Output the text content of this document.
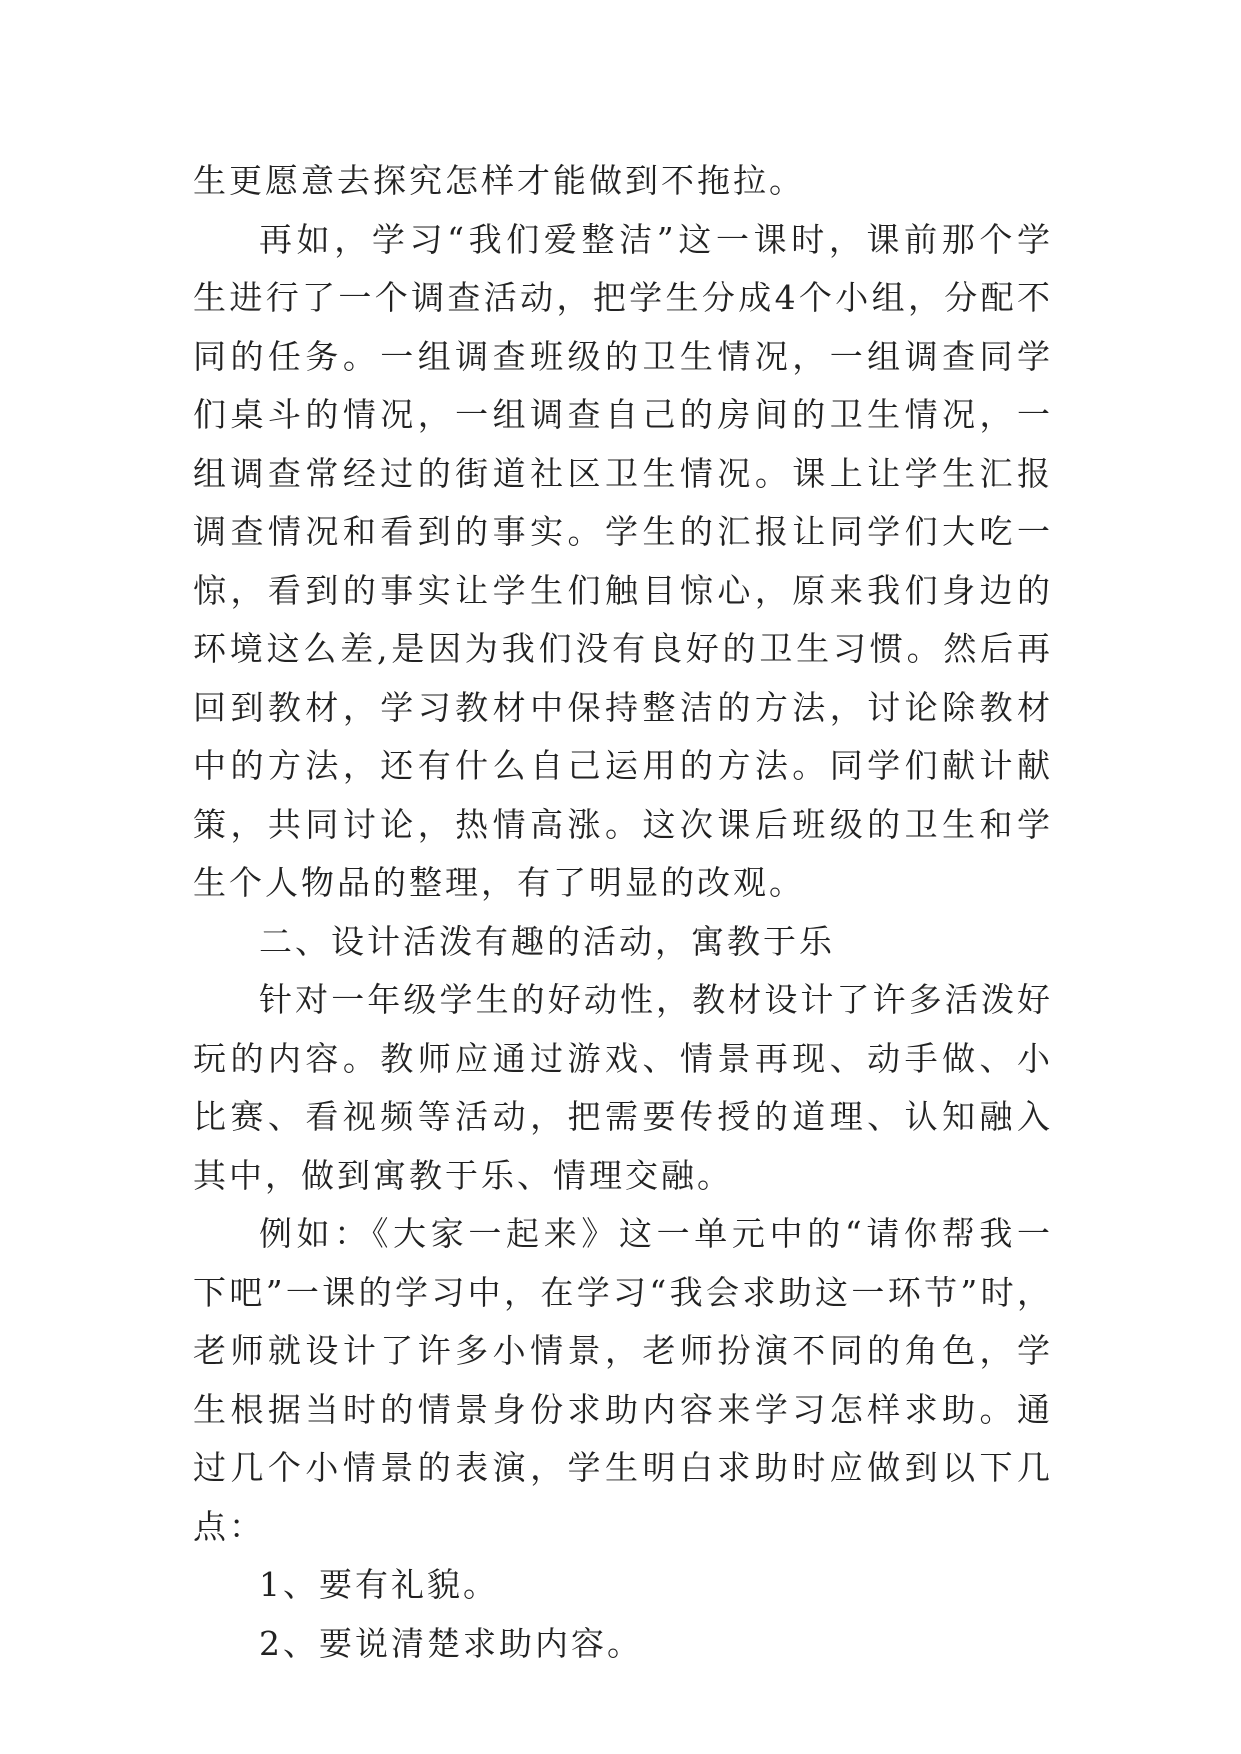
生更愿意去探究怎样才能做到不拖拉。

再如，学习“我们爱整洁”这一课时，课前那个学生进行了一个调查活动，把学生分成4个小组，分配不同的任务。一组调查班级的卫生情况，一组调查同学们桌斗的情况，一组调查自己的房间的卫生情况，一组调查常经过的街道社区卫生情况。课上让学生汇报调查情况和看到的事实。学生的汇报让同学们大吃一惊，看到的事实让学生们触目惊心，原来我们身边的环境这么差,是因为我们没有良好的卫生习惯。然后再回到教材，学习教材中保持整洁的方法，讨论除教材中的方法，还有什么自己运用的方法。同学们献计献策，共同讨论，热情高涨。这次课后班级的卫生和学生个人物品的整理，有了明显的改观。

二、设计活泼有趣的活动，寓教于乐

针对一年级学生的好动性，教材设计了许多活泼好玩的内容。教师应通过游戏、情景再现、动手做、小比赛、看视频等活动，把需要传授的道理、认知融入其中，做到寓教于乐、情理交融。

例如：《大家一起来》这一单元中的“请你帮我一下吧”一课的学习中，在学习“我会求助这一环节”时，老师就设计了许多小情景，老师扮演不同的角色，学生根据当时的情景身份求助内容来学习怎样求助。通过几个小情景的表演，学生明白求助时应做到以下几点：

1、要有礼貌。

2、要说清楚求助内容。
